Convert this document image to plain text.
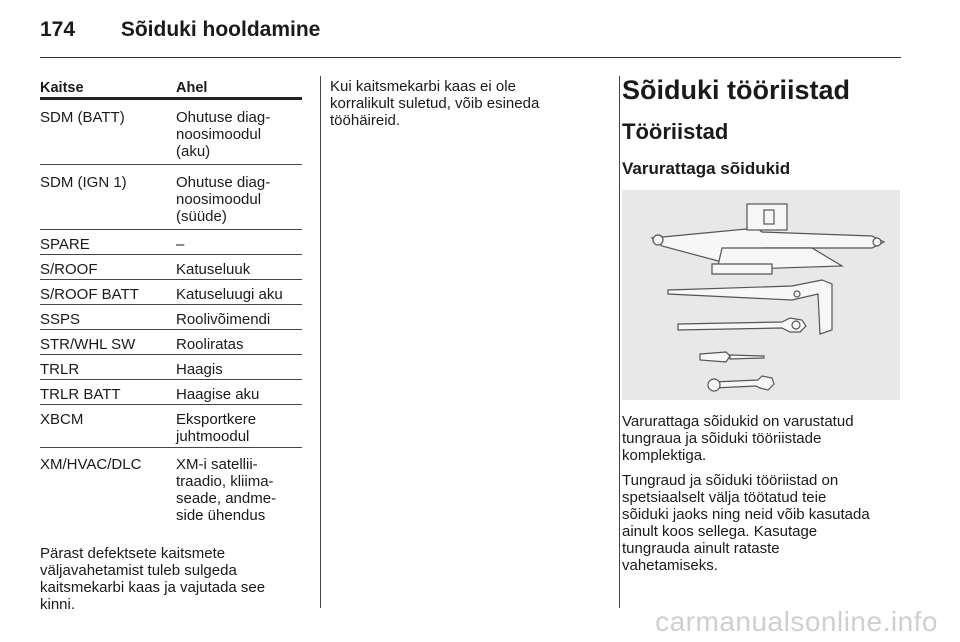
174 Sõiduki hooldamine
Kaitse	Ahel
SDM (BATT)	Ohutuse diag-
noosimoodul
(aku)
SDM (IGN 1)	Ohutuse diag-
noosimoodul
(süüde)
SPARE	–
S/ROOF	Katuseluuk
S/ROOF BATT	Katuseluugi aku
SSPS	Roolivõimendi
STR/WHL SW	Rooliratas
TRLR	Haagis
TRLR BATT	Haagise aku
XBCM	Eksportkere
juhtmoodul
XM/HVAC/DLC	XM-i satellii-
traadio, kliima-
seade, andme-
side ühendus
Pärast defektsete kaitsmete
väljavahetamist tuleb sulgeda
kaitsmekarbi kaas ja vajutada see
kinni.
Kui kaitsmekarbi kaas ei ole
korralikult suletud, võib esineda
tööhäireid.
Sõiduki tööriistad
Tööriistad
Varurattaga sõidukid
Varurattaga sõidukid on varustatud
tungraua ja sõiduki tööriistade
komplektiga.
Tungraud ja sõiduki tööriistad on
spetsiaalselt välja töötatud teie
sõiduki jaoks ning neid võib kasutada
ainult koos sellega. Kasutage
tungrauda ainult rataste
vahetamiseks.
carmanualsonline.info
